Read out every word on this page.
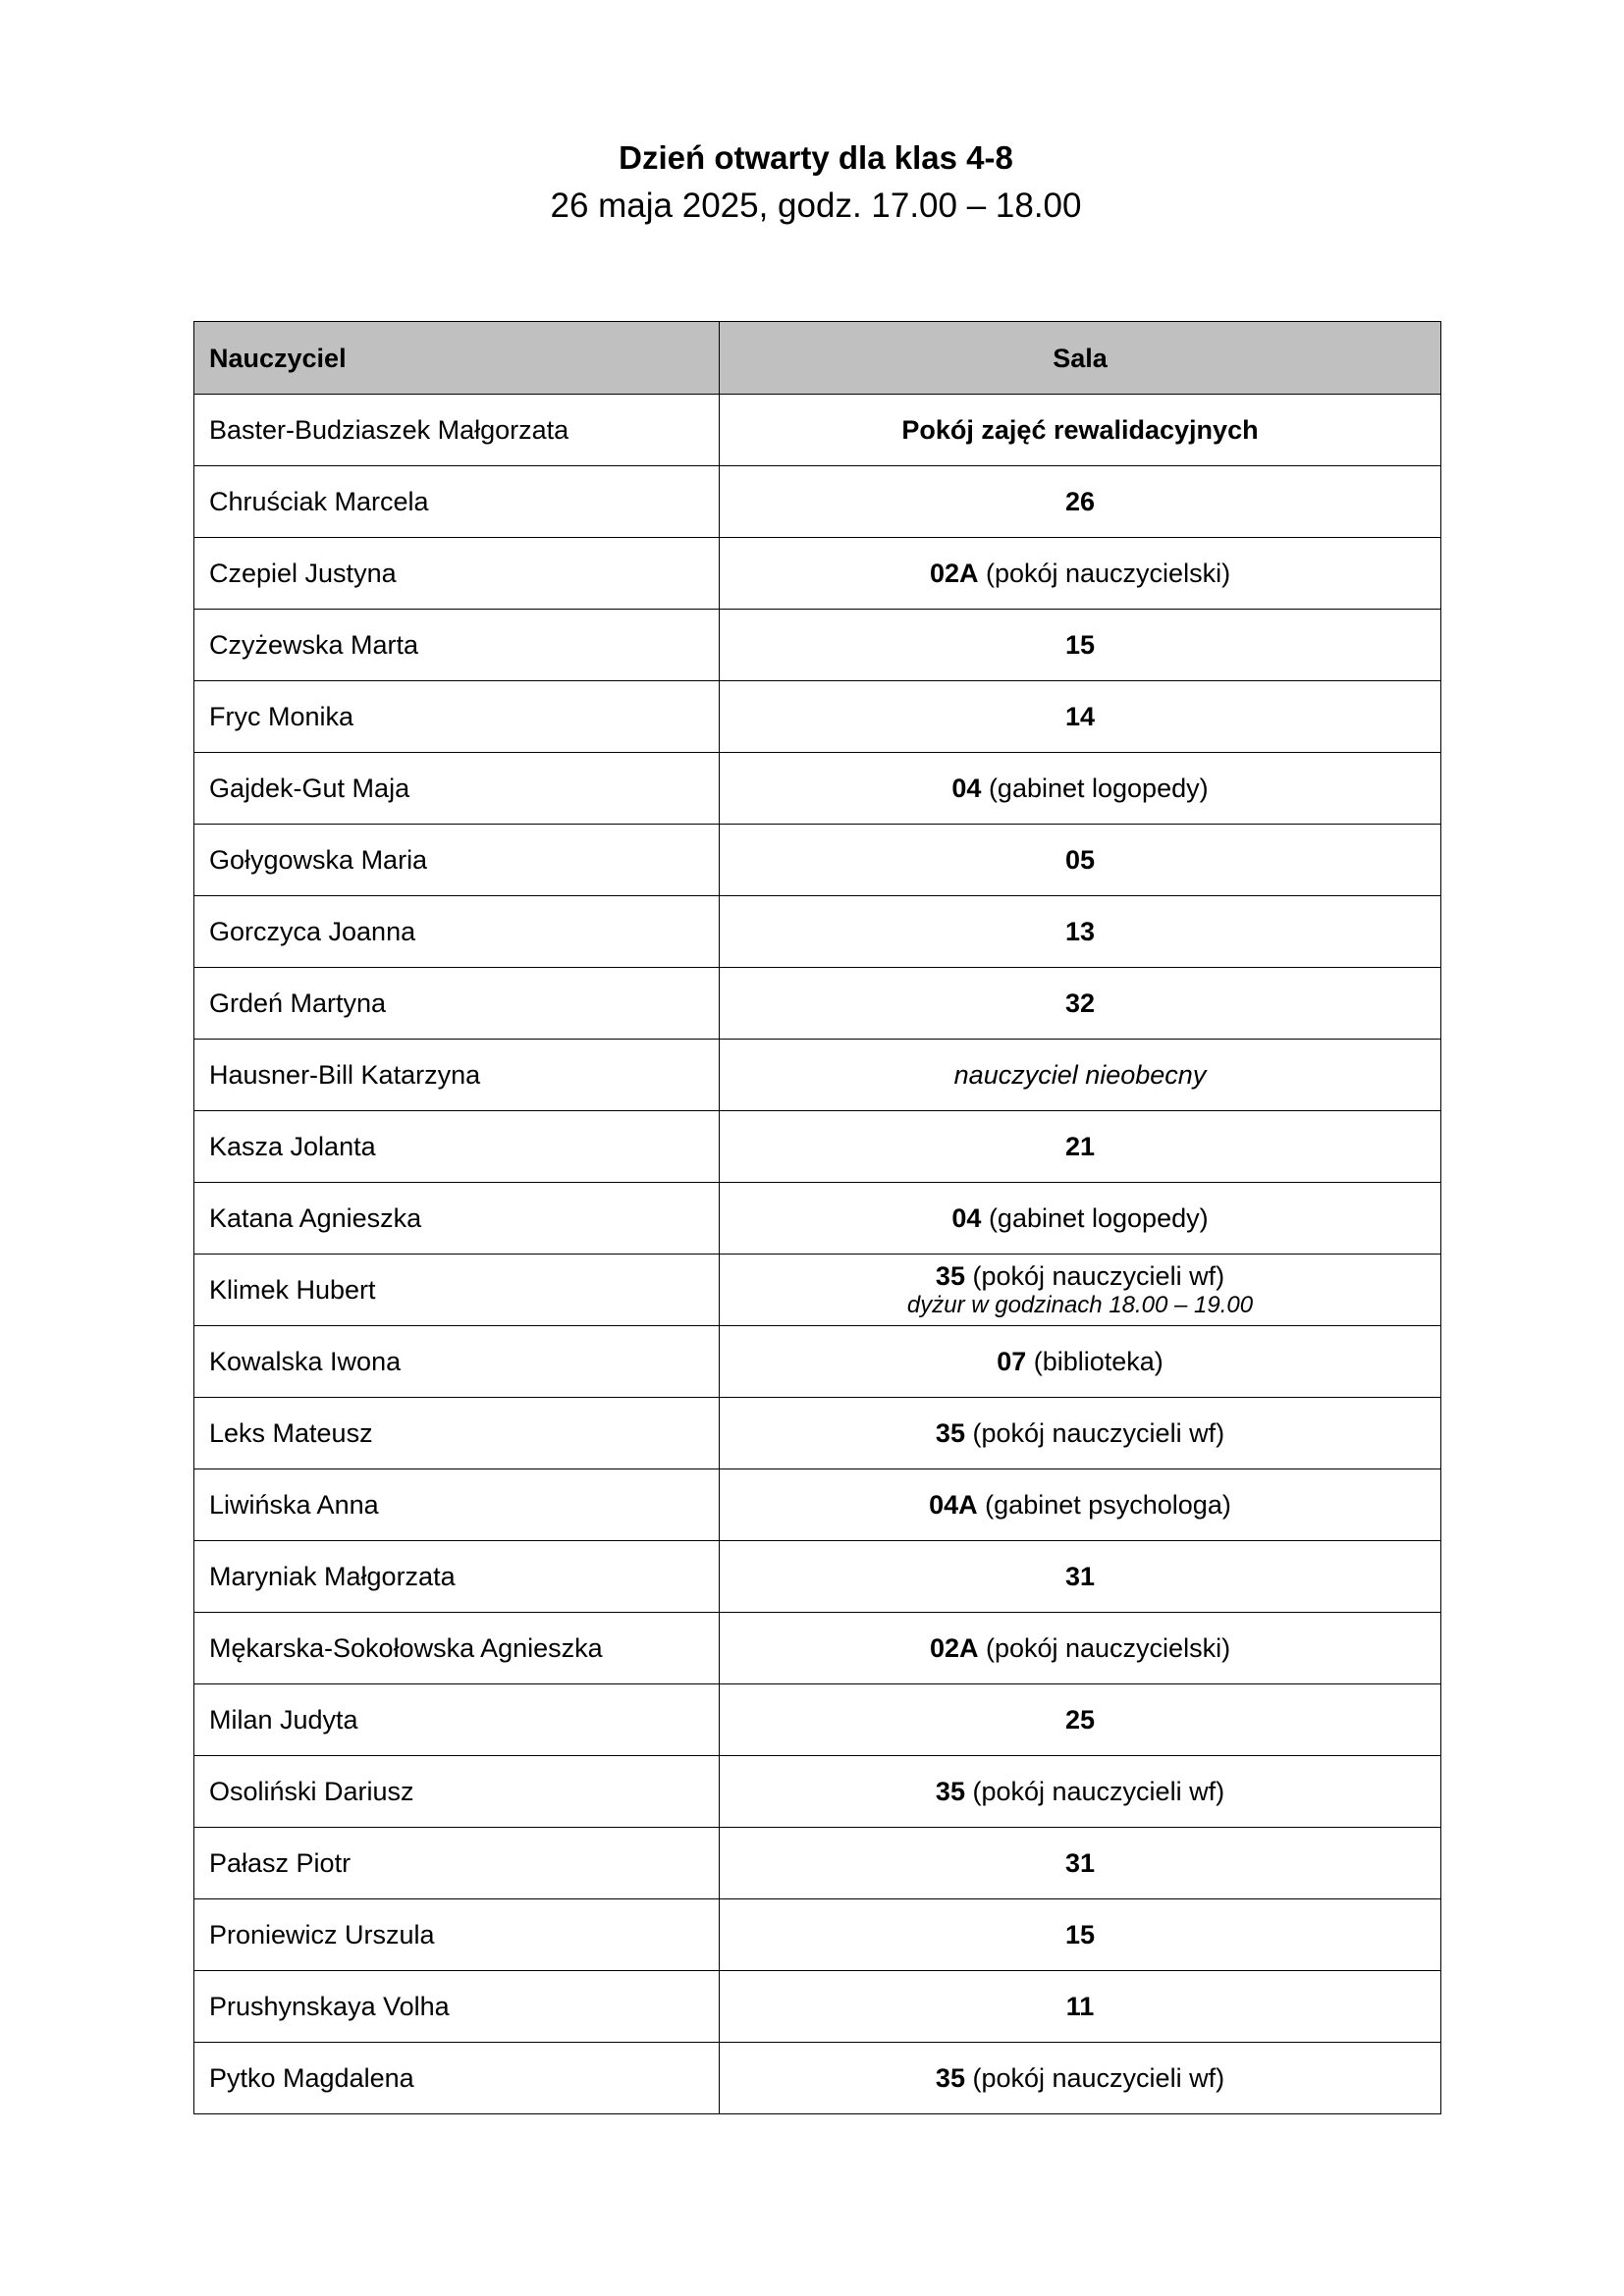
Dzień otwarty dla klas 4-8
26 maja 2025, godz. 17.00 – 18.00
Nauczyciel	Sala
Baster-Budziaszek Małgorzata	Pokój zajęć rewalidacyjnych

Chruściak Marcela	26

Czepiel Justyna	02A (pokój nauczycielski)

Czyżewska Marta	15

Fryc Monika	14

Gajdek-Gut Maja	04 (gabinet logopedy)

Gołygowska Maria	05

Gorczyca Joanna	13

Grdeń Martyna	32

Hausner-Bill Katarzyna	nauczyciel nieobecny
Kasza Jolanta	21

Katana Agnieszka	04 (gabinet logopedy)

Klimek Hubert	35 (pokój nauczycieli wf)
dyżur w godzinach 18.00 – 19.00

Kowalska Iwona	07 (biblioteka)

Leks Mateusz	35 (pokój nauczycieli wf)

Liwińska Anna	04A (gabinet psychologa)

Maryniak Małgorzata	31

Mękarska-Sokołowska Agnieszka	02A (pokój nauczycielski)

Milan Judyta	25

Osoliński Dariusz	35 (pokój nauczycieli wf)

Pałasz Piotr	31

Proniewicz Urszula	15

Prushynskaya Volha	11

Pytko Magdalena	35 (pokój nauczycieli wf)
